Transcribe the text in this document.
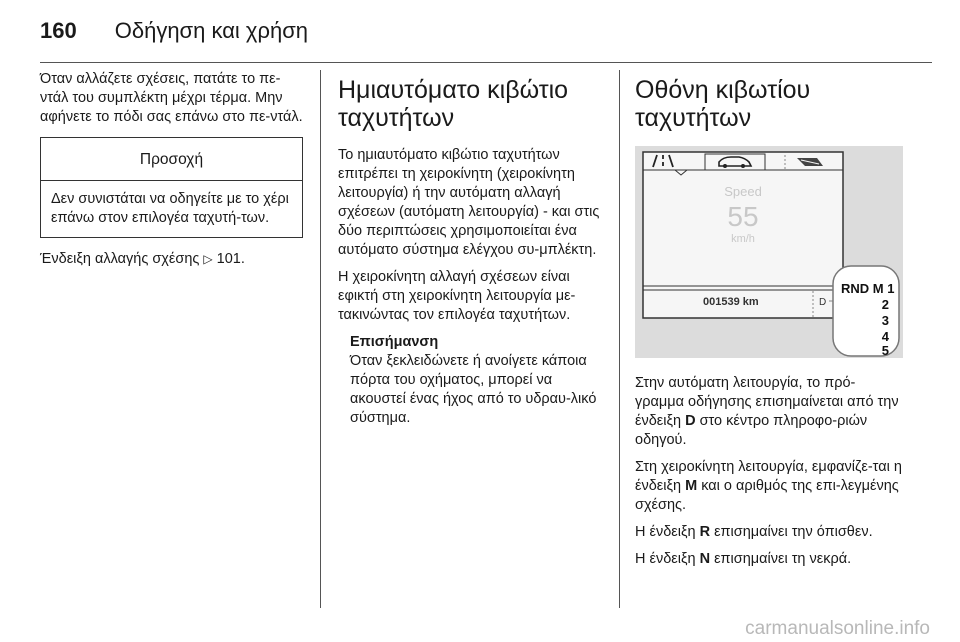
160 Οδήγηση και χρήση

Όταν αλλάζετε σχέσεις, πατάτε το πε-ντάλ του συμπλέκτη μέχρι τέρμα. Μην αφήνετε το πόδι σας επάνω στο πε-ντάλ.

Προσοχή
Δεν συνιστάται να οδηγείτε με το χέρι επάνω στον επιλογέα ταχυτή-των.

Ένδειξη αλλαγής σχέσης ▷ 101.

Ημιαυτόματο κιβώτιο ταχυτήτων

Το ημιαυτόματο κιβώτιο ταχυτήτων επιτρέπει τη χειροκίνητη (χειροκίνητη λειτουργία) ή την αυτόματη αλλαγή σχέσεων (αυτόματη λειτουργία) - και στις δύο περιπτώσεις χρησιμοποιείται ένα αυτόματο σύστημα ελέγχου συ-μπλέκτη.

Η χειροκίνητη αλλαγή σχέσεων είναι εφικτή στη χειροκίνητη λειτουργία με-τακινώντας τον επιλογέα ταχυτήτων.

Επισήμανση
Όταν ξεκλειδώνετε ή ανοίγετε κάποια πόρτα του οχήματος, μπορεί να ακουστεί ένας ήχος από το υδραυ-λικό σύστημα.
Οθόνη κιβωτίου ταχυτήτων
Speed
55
km/h
001539 km	D
RND M 1
2
3
4
5

Στην αυτόματη λειτουργία, το πρό-γραμμα οδήγησης επισημαίνεται από την ένδειξη D στο κέντρο πληροφο-ριών οδηγού.

Στη χειροκίνητη λειτουργία, εμφανίζε-ται η ένδειξη M και ο αριθμός της επι-λεγμένης σχέσης.

Η ένδειξη R επισημαίνει την όπισθεν.

Η ένδειξη N επισημαίνει τη νεκρά.

carmanualsonline.info
